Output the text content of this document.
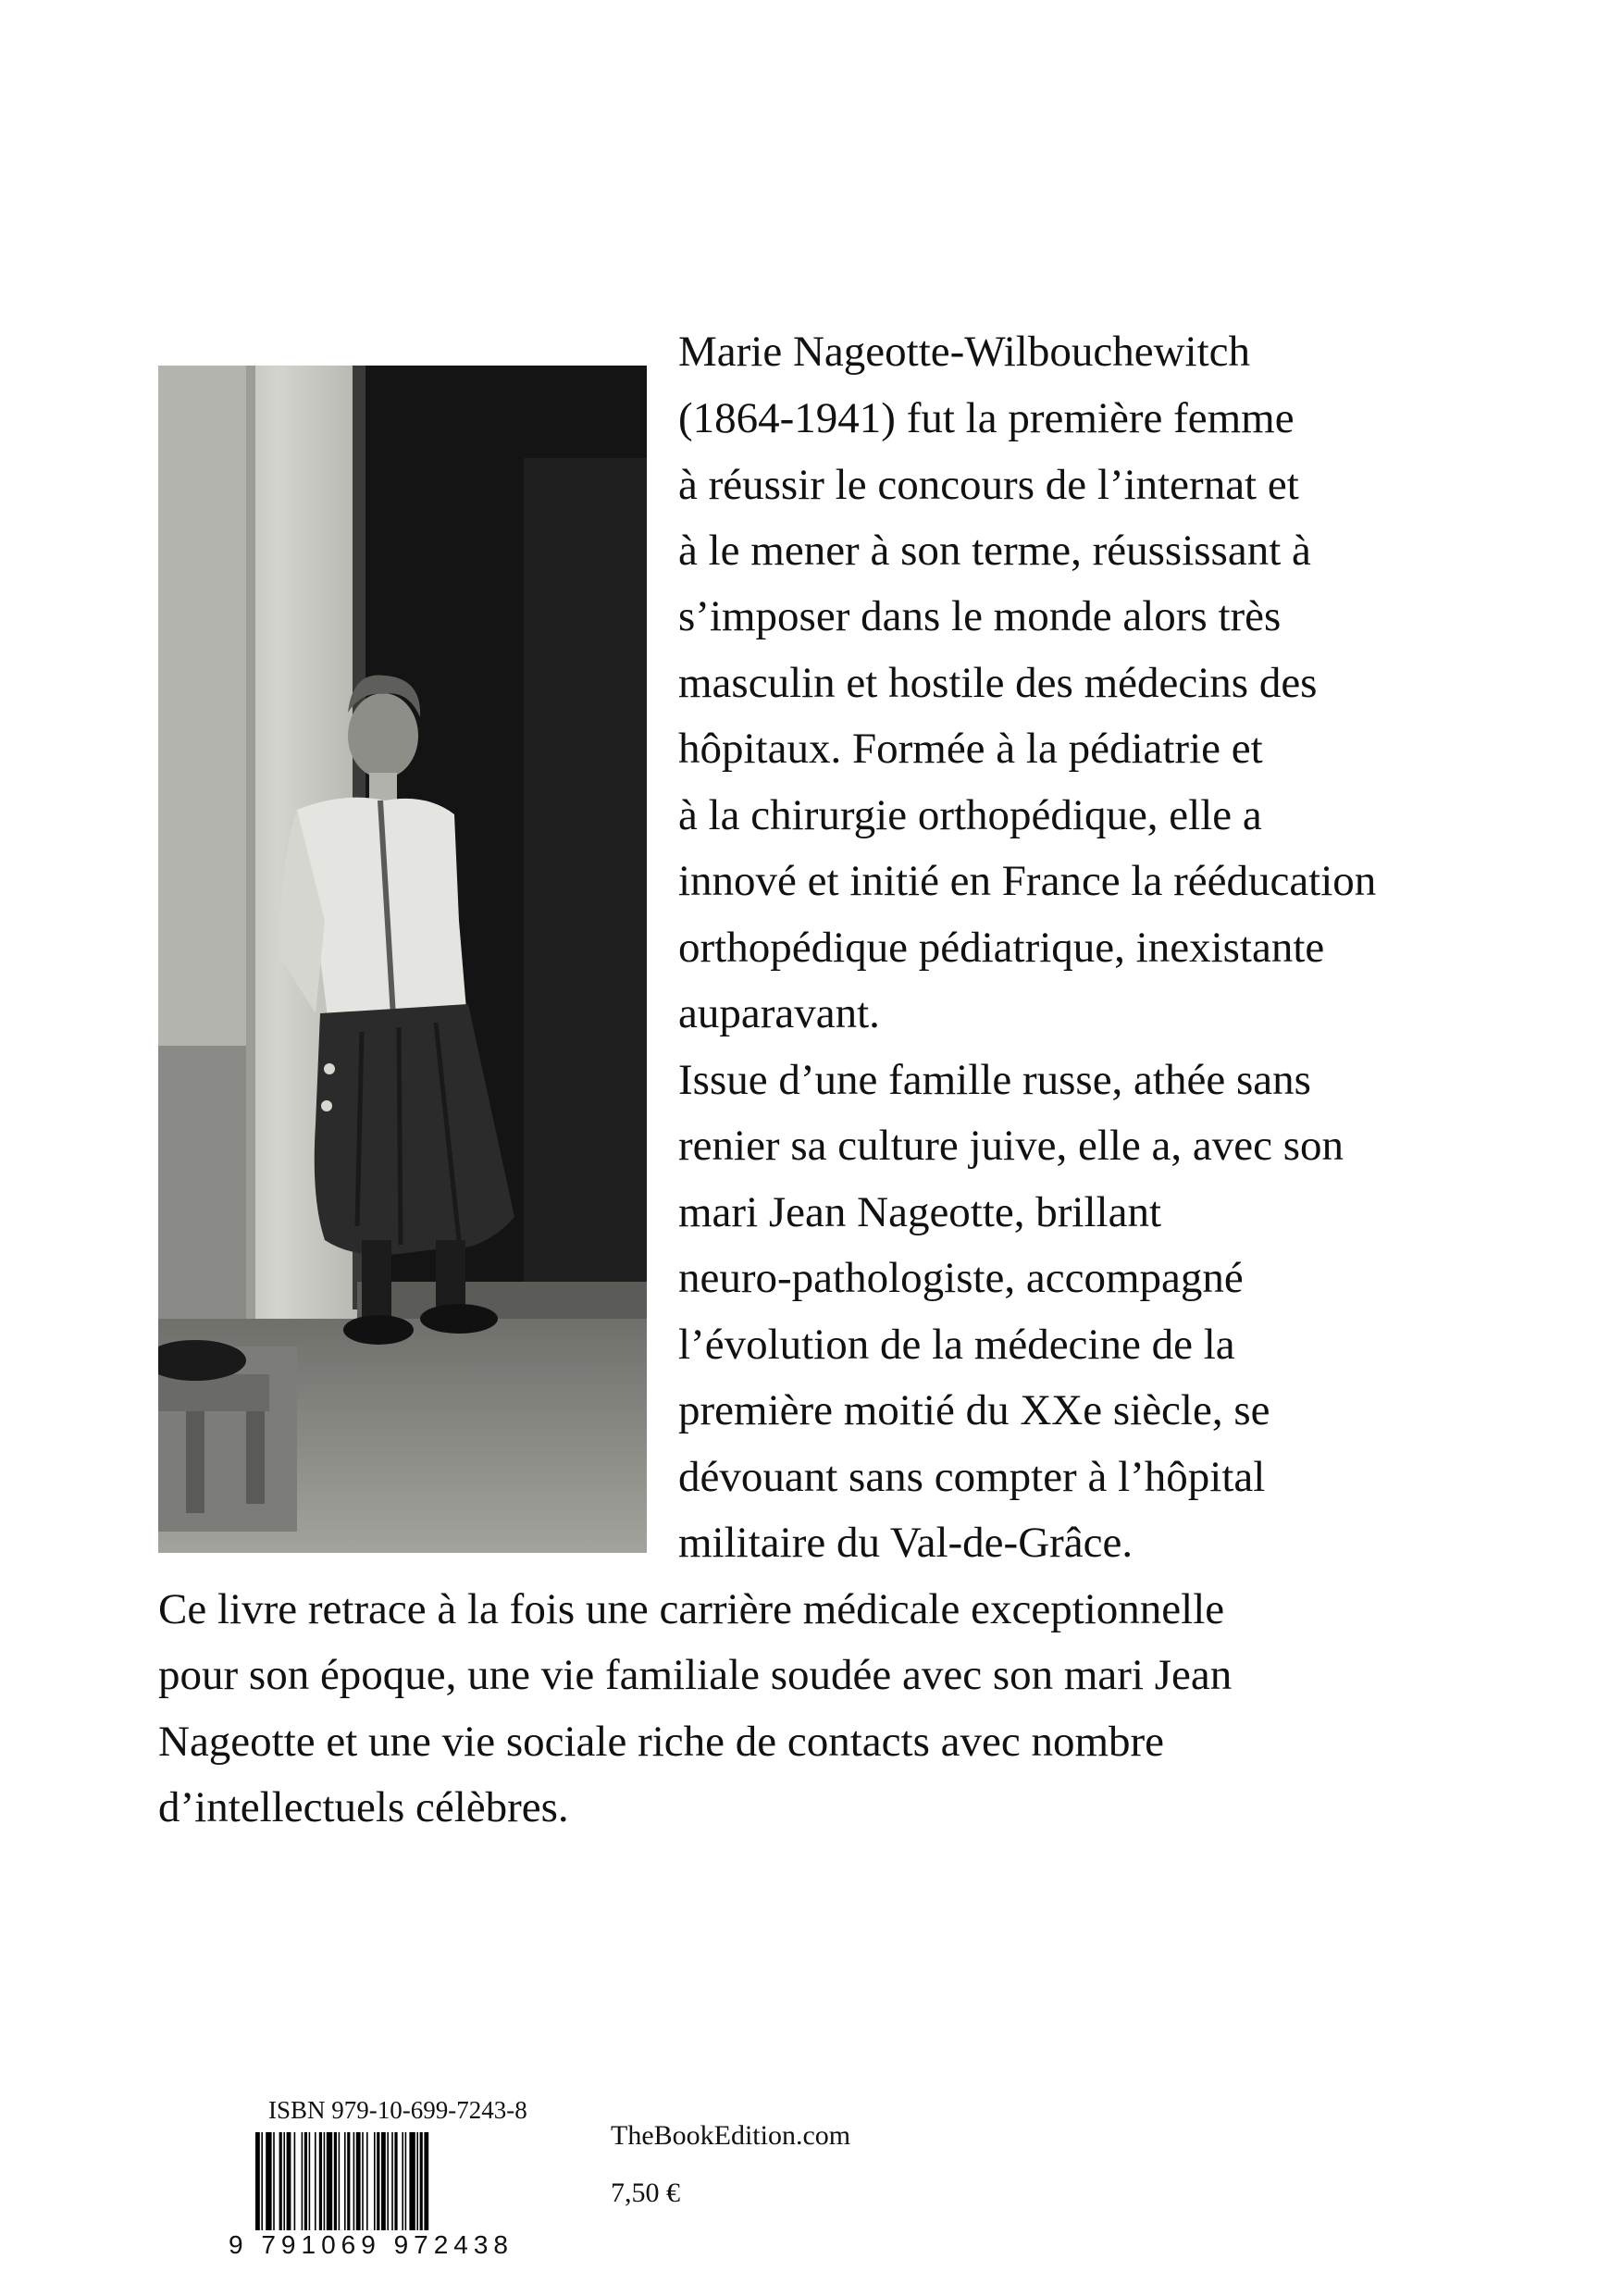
Marie Nageotte-Wilbouchewitch
(1864-1941) fut la première femme
à réussir le concours de l’internat et
à le mener à son terme, réussissant à
s’imposer dans le monde alors très
masculin et hostile des médecins des
hôpitaux. Formée à la pédiatrie et
à la chirurgie orthopédique, elle a
innové et initié en France la rééducation
orthopédique pédiatrique, inexistante
auparavant.
Issue d’une famille russe, athée sans
renier sa culture juive, elle a, avec son
mari Jean Nageotte, brillant
neuro-pathologiste, accompagné
l’évolution de la médecine de la
première moitié du XXe siècle, se
dévouant sans compter à l’hôpital
militaire du Val-de-Grâce.
Ce livre retrace à la fois une carrière médicale exceptionnelle
pour son époque, une vie familiale soudée avec son mari Jean
Nageotte et une vie sociale riche de contacts avec nombre
d’intellectuels célèbres.
ISBN 979-10-699-7243-8
9 791069 972438
TheBookEdition.com
7,50 €
